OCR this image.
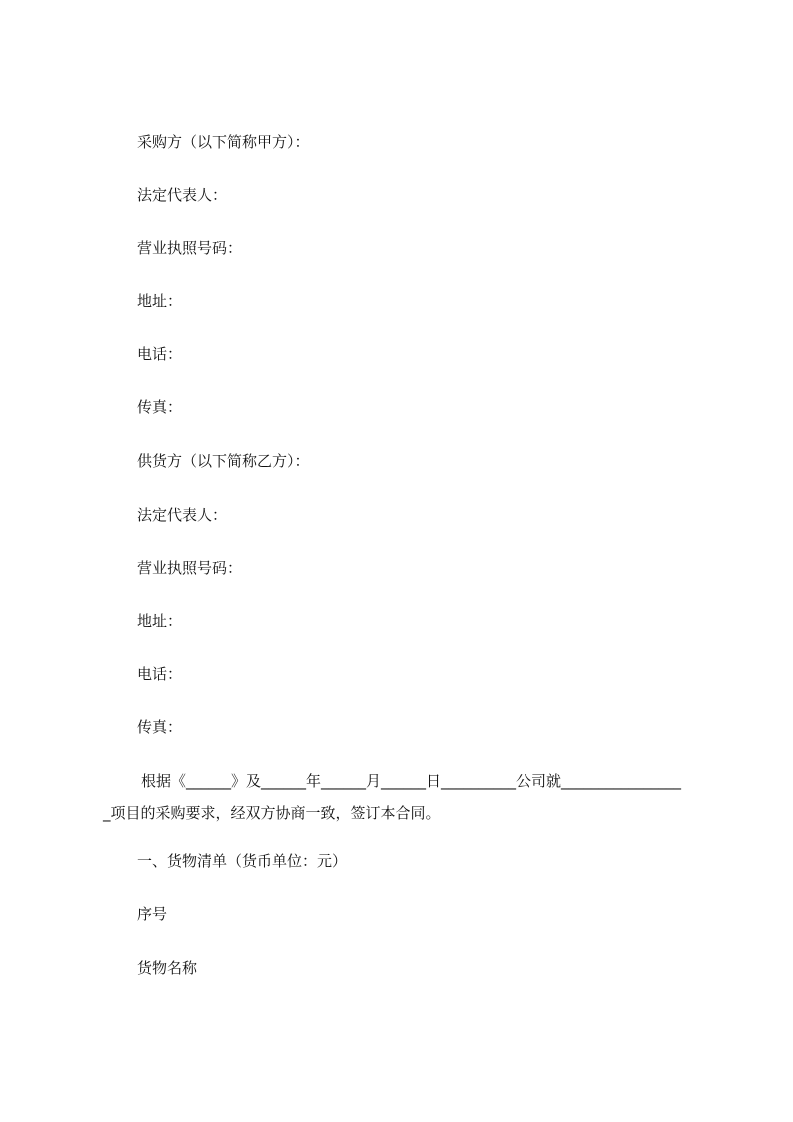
采购方（以下简称甲方）：
法定代表人：
营业执照号码：
地址：
电话：
传真：
供货方（以下简称乙方）：
法定代表人：
营业执照号码：
地址：
电话：
传真：
根据《______》及______年______月______日__________公司就________________
_项目的采购要求，经双方协商一致，签订本合同。
一、货物清单（货币单位：元）
序号
货物名称
